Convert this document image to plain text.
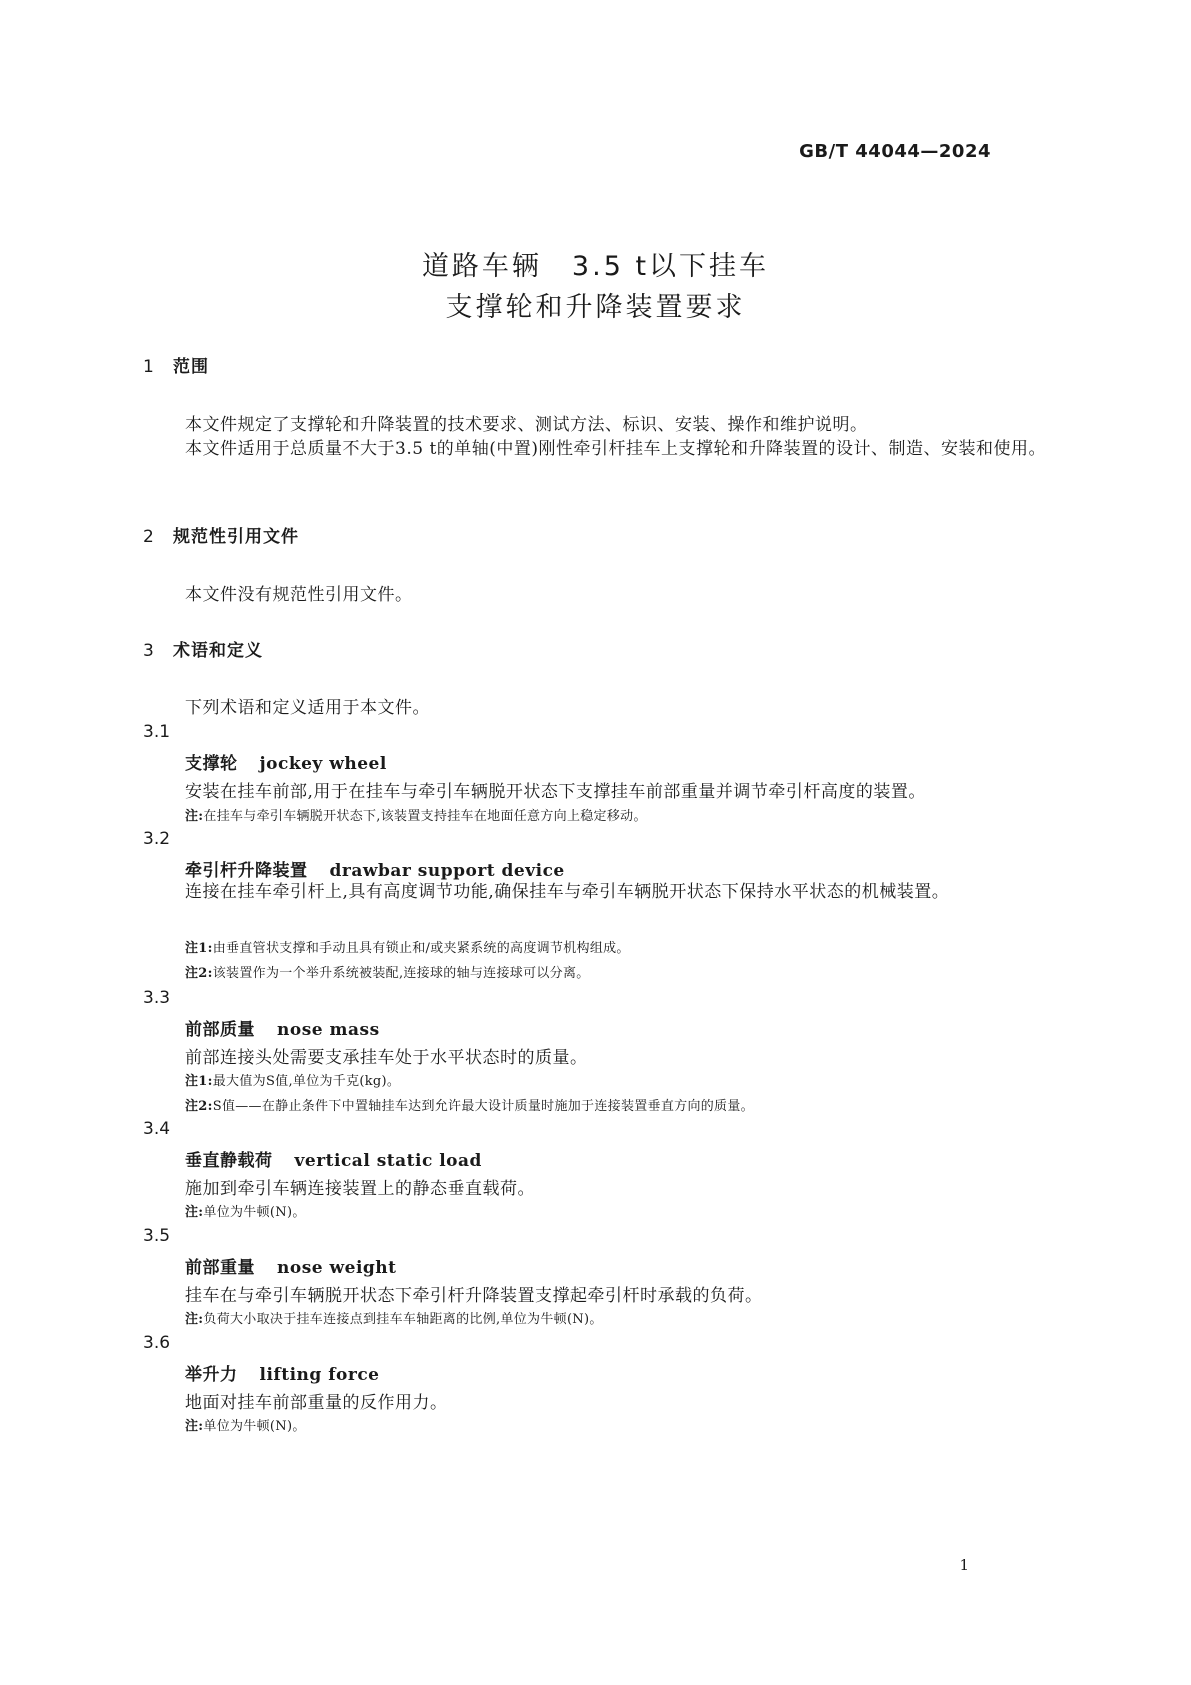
GB/T 44044—2024
道路车辆　3.5 t以下挂车
支撑轮和升降装置要求
1 范围
本文件规定了支撑轮和升降装置的技术要求、测试方法、标识、安装、操作和维护说明。
本文件适用于总质量不大于3.5 t的单轴(中置)刚性牵引杆挂车上支撑轮和升降装置的设计、制造、安装和使用。
2 规范性引用文件
本文件没有规范性引用文件。
3 术语和定义
下列术语和定义适用于本文件。
3.1
支撑轮 jockey wheel
安装在挂车前部,用于在挂车与牵引车辆脱开状态下支撑挂车前部重量并调节牵引杆高度的装置。
注:在挂车与牵引车辆脱开状态下,该装置支持挂车在地面任意方向上稳定移动。
3.2
牵引杆升降装置 drawbar support device
连接在挂车牵引杆上,具有高度调节功能,确保挂车与牵引车辆脱开状态下保持水平状态的机械装置。
注1:由垂直管状支撑和手动且具有锁止和/或夹紧系统的高度调节机构组成。
注2:该装置作为一个举升系统被装配,连接球的轴与连接球可以分离。
3.3
前部质量 nose mass
前部连接头处需要支承挂车处于水平状态时的质量。
注1:最大值为S值,单位为千克(kg)。
注2:S值——在静止条件下中置轴挂车达到允许最大设计质量时施加于连接装置垂直方向的质量。
3.4
垂直静载荷 vertical static load
施加到牵引车辆连接装置上的静态垂直载荷。
注:单位为牛顿(N)。
3.5
前部重量 nose weight
挂车在与牵引车辆脱开状态下牵引杆升降装置支撑起牵引杆时承载的负荷。
注:负荷大小取决于挂车连接点到挂车车轴距离的比例,单位为牛顿(N)。
3.6
举升力 lifting force
地面对挂车前部重量的反作用力。
注:单位为牛顿(N)。
1
